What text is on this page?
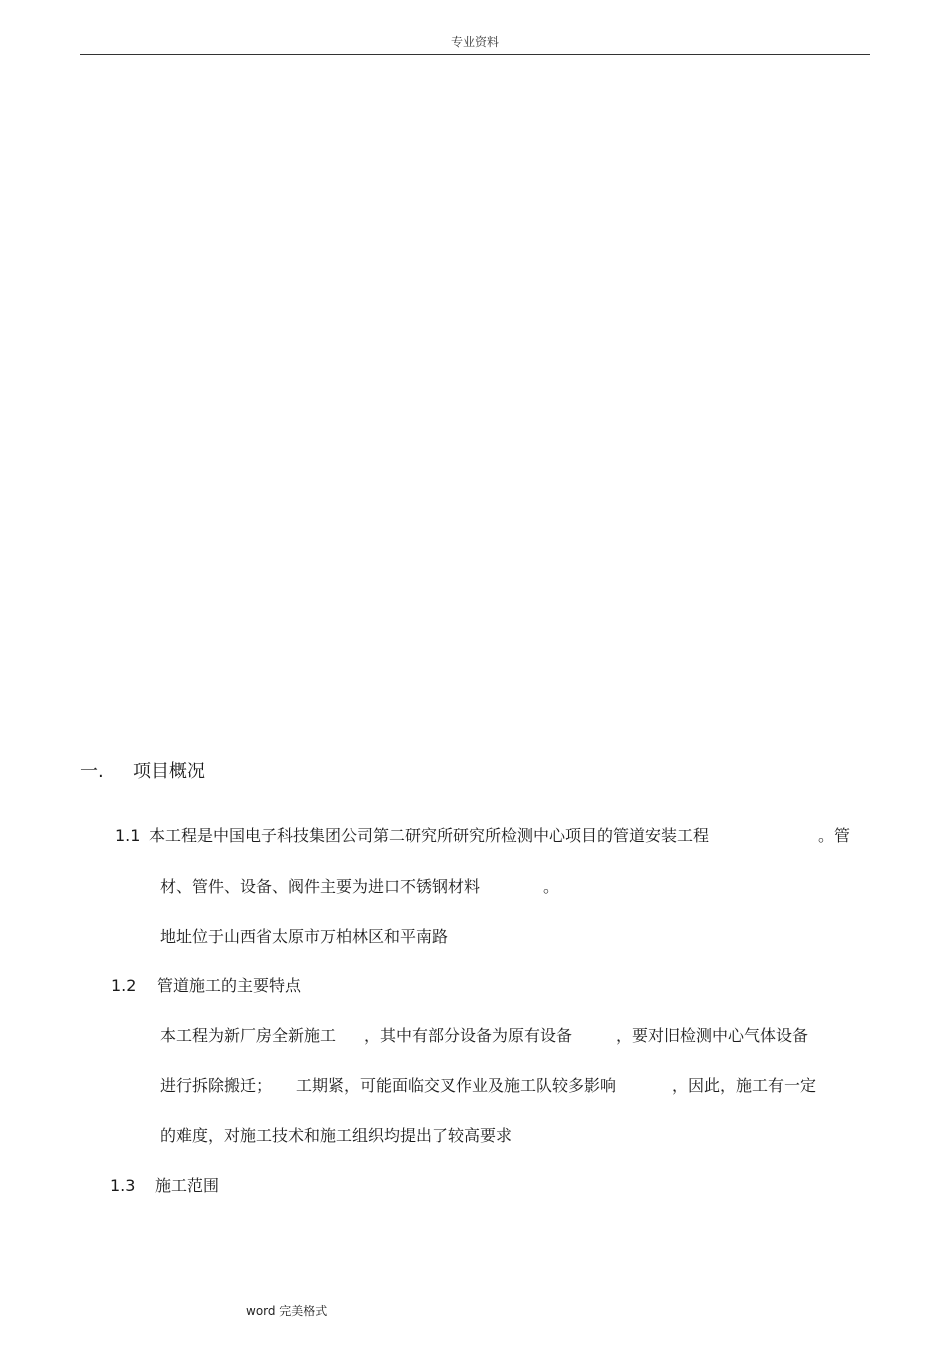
专业资料
一. 项目概况
1.1 本工程是中国电子科技集团公司第二研究所研究所检测中心项目的管道安装工程	。管
材、管件、设备、阀件主要为进口不锈钢材料	。
地址位于山西省太原市万柏林区和平南路
1.2 管道施工的主要特点
本工程为新厂房全新施工 ，其中有部分设备为原有设备	，要对旧检测中心气体设备
进行拆除搬迁； 工期紧，可能面临交叉作业及施工队较多影响	，因此，施工有一定
的难度，对施工技术和施工组织均提出了较高要求
1.3 施工范围
word 完美格式
